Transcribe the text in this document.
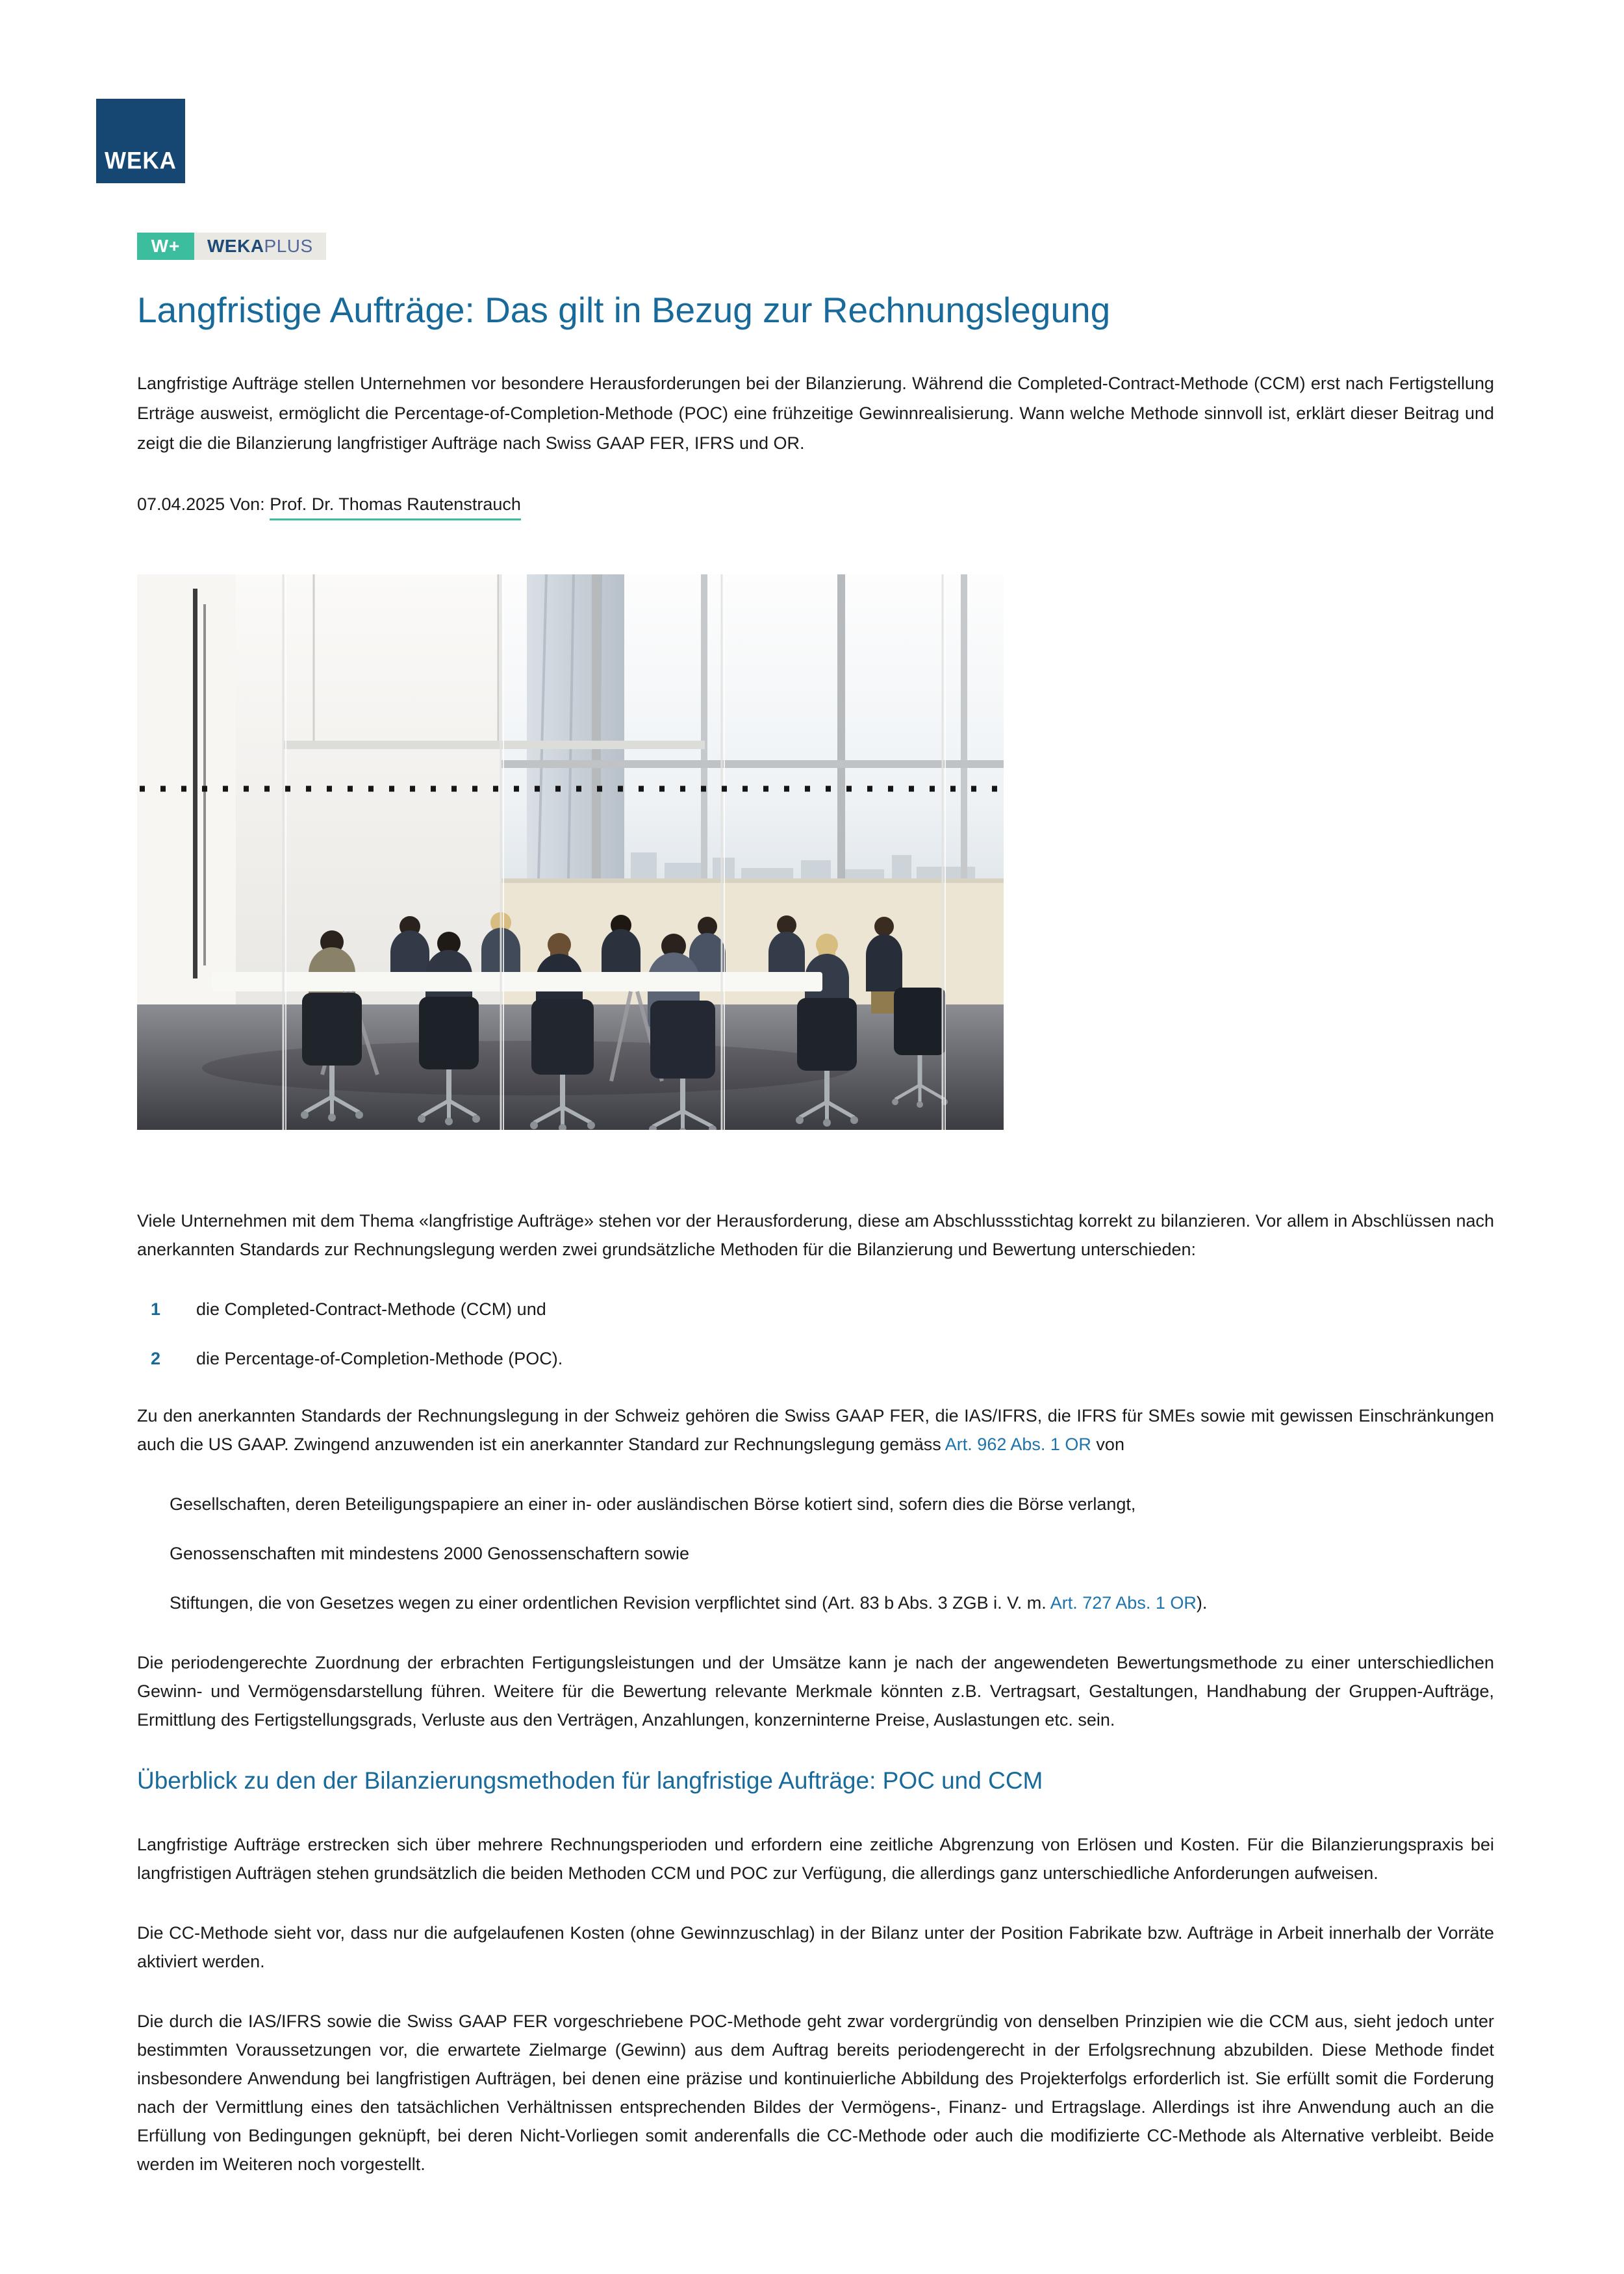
WEKA
W+	WEKAPLUS
Langfristige Aufträge: Das gilt in Bezug zur Rechnungslegung

Langfristige Aufträge stellen Unternehmen vor besondere Herausforderungen bei der Bilanzierung. Während die Completed-Contract-Methode (CCM) erst nach Fertigstellung Erträge ausweist, ermöglicht die Percentage-of-Completion-Methode (POC) eine frühzeitige Gewinnrealisierung. Wann welche Methode sinnvoll ist, erklärt dieser Beitrag und zeigt die die Bilanzierung langfristiger Aufträge nach Swiss GAAP FER, IFRS und OR.

07.04.2025 Von: Prof. Dr. Thomas Rautenstrauch

Viele Unternehmen mit dem Thema «langfristige Aufträge» stehen vor der Herausforderung, diese am Abschlussstichtag korrekt zu bilanzieren. Vor allem in Abschlüssen nach anerkannten Standards zur Rechnungslegung werden zwei grundsätzliche Methoden für die Bilanzierung und Bewertung unterschieden:

1	die Completed-Contract-Methode (CCM) und
2	die Percentage-of-Completion-Methode (POC).

Zu den anerkannten Standards der Rechnungslegung in der Schweiz gehören die Swiss GAAP FER, die IAS/IFRS, die IFRS für SMEs sowie mit gewissen Einschränkungen auch die US GAAP. Zwingend anzuwenden ist ein anerkannter Standard zur Rechnungslegung gemäss Art. 962 Abs. 1 OR von

Gesellschaften, deren Beteiligungspapiere an einer in- oder ausländischen Börse kotiert sind, sofern dies die Börse verlangt,

Genossenschaften mit mindestens 2000 Genossenschaftern sowie

Stiftungen, die von Gesetzes wegen zu einer ordentlichen Revision verpflichtet sind (Art. 83 b Abs. 3 ZGB i. V. m. Art. 727 Abs. 1 OR).

Die periodengerechte Zuordnung der erbrachten Fertigungsleistungen und der Umsätze kann je nach der angewendeten Bewertungsmethode zu einer unterschiedlichen Gewinn- und Vermögensdarstellung führen. Weitere für die Bewertung relevante Merkmale könnten z.B. Vertragsart, Gestaltungen, Handhabung der Gruppen-Aufträge, Ermittlung des Fertigstellungsgrads, Verluste aus den Verträgen, Anzahlungen, konzerninterne Preise, Auslastungen etc. sein.

Überblick zu den der Bilanzierungsmethoden für langfristige Aufträge: POC und CCM

Langfristige Aufträge erstrecken sich über mehrere Rechnungsperioden und erfordern eine zeitliche Abgrenzung von Erlösen und Kosten. Für die Bilanzierungspraxis bei langfristigen Aufträgen stehen grundsätzlich die beiden Methoden CCM und POC zur Verfügung, die allerdings ganz unterschiedliche Anforderungen aufweisen.

Die CC-Methode sieht vor, dass nur die aufgelaufenen Kosten (ohne Gewinnzuschlag) in der Bilanz unter der Position Fabrikate bzw. Aufträge in Arbeit innerhalb der Vorräte aktiviert werden.

Die durch die IAS/IFRS sowie die Swiss GAAP FER vorgeschriebene POC-Methode geht zwar vordergründig von denselben Prinzipien wie die CCM aus, sieht jedoch unter bestimmten Voraussetzungen vor, die erwartete Zielmarge (Gewinn) aus dem Auftrag bereits periodengerecht in der Erfolgsrechnung abzubilden. Diese Methode findet insbesondere Anwendung bei langfristigen Aufträgen, bei denen eine präzise und kontinuierliche Abbildung des Projekterfolgs erforderlich ist. Sie erfüllt somit die Forderung nach der Vermittlung eines den tatsächlichen Verhältnissen entsprechenden Bildes der Vermögens-, Finanz- und Ertragslage. Allerdings ist ihre Anwendung auch an die Erfüllung von Bedingungen geknüpft, bei deren Nicht-Vorliegen somit anderenfalls die CC-Methode oder auch die modifizierte CC-Methode als Alternative verbleibt. Beide werden im Weiteren noch vorgestellt.
